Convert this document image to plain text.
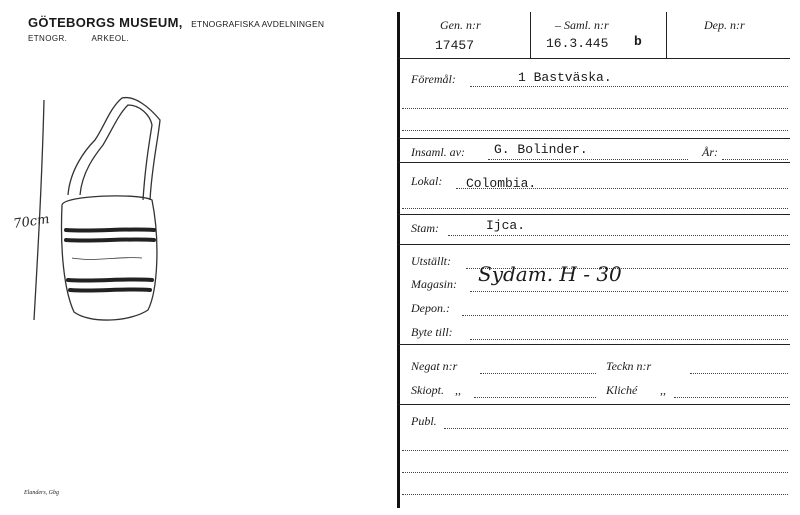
GÖTEBORGS MUSEUM, ETNOGRAFISKA AVDELNINGEN
ETNOGR.	ARKEOL.
70cm
Elanders, Gbg
Gen. n:r
17457
– Saml. n:r
16.3.445 b
Dep. n:r
Föremål:	1 Bastväska.
Insaml. av: G. Bolinder.	År:
Lokal: Colombia.
Stam:	Ijca.
Utställt:
Magasin: Sydam. H - 30
Depon.:
Byte till:
Negat n:r	Teckn n:r
Skiopt. ,,	Kliché ,,
Publ.
